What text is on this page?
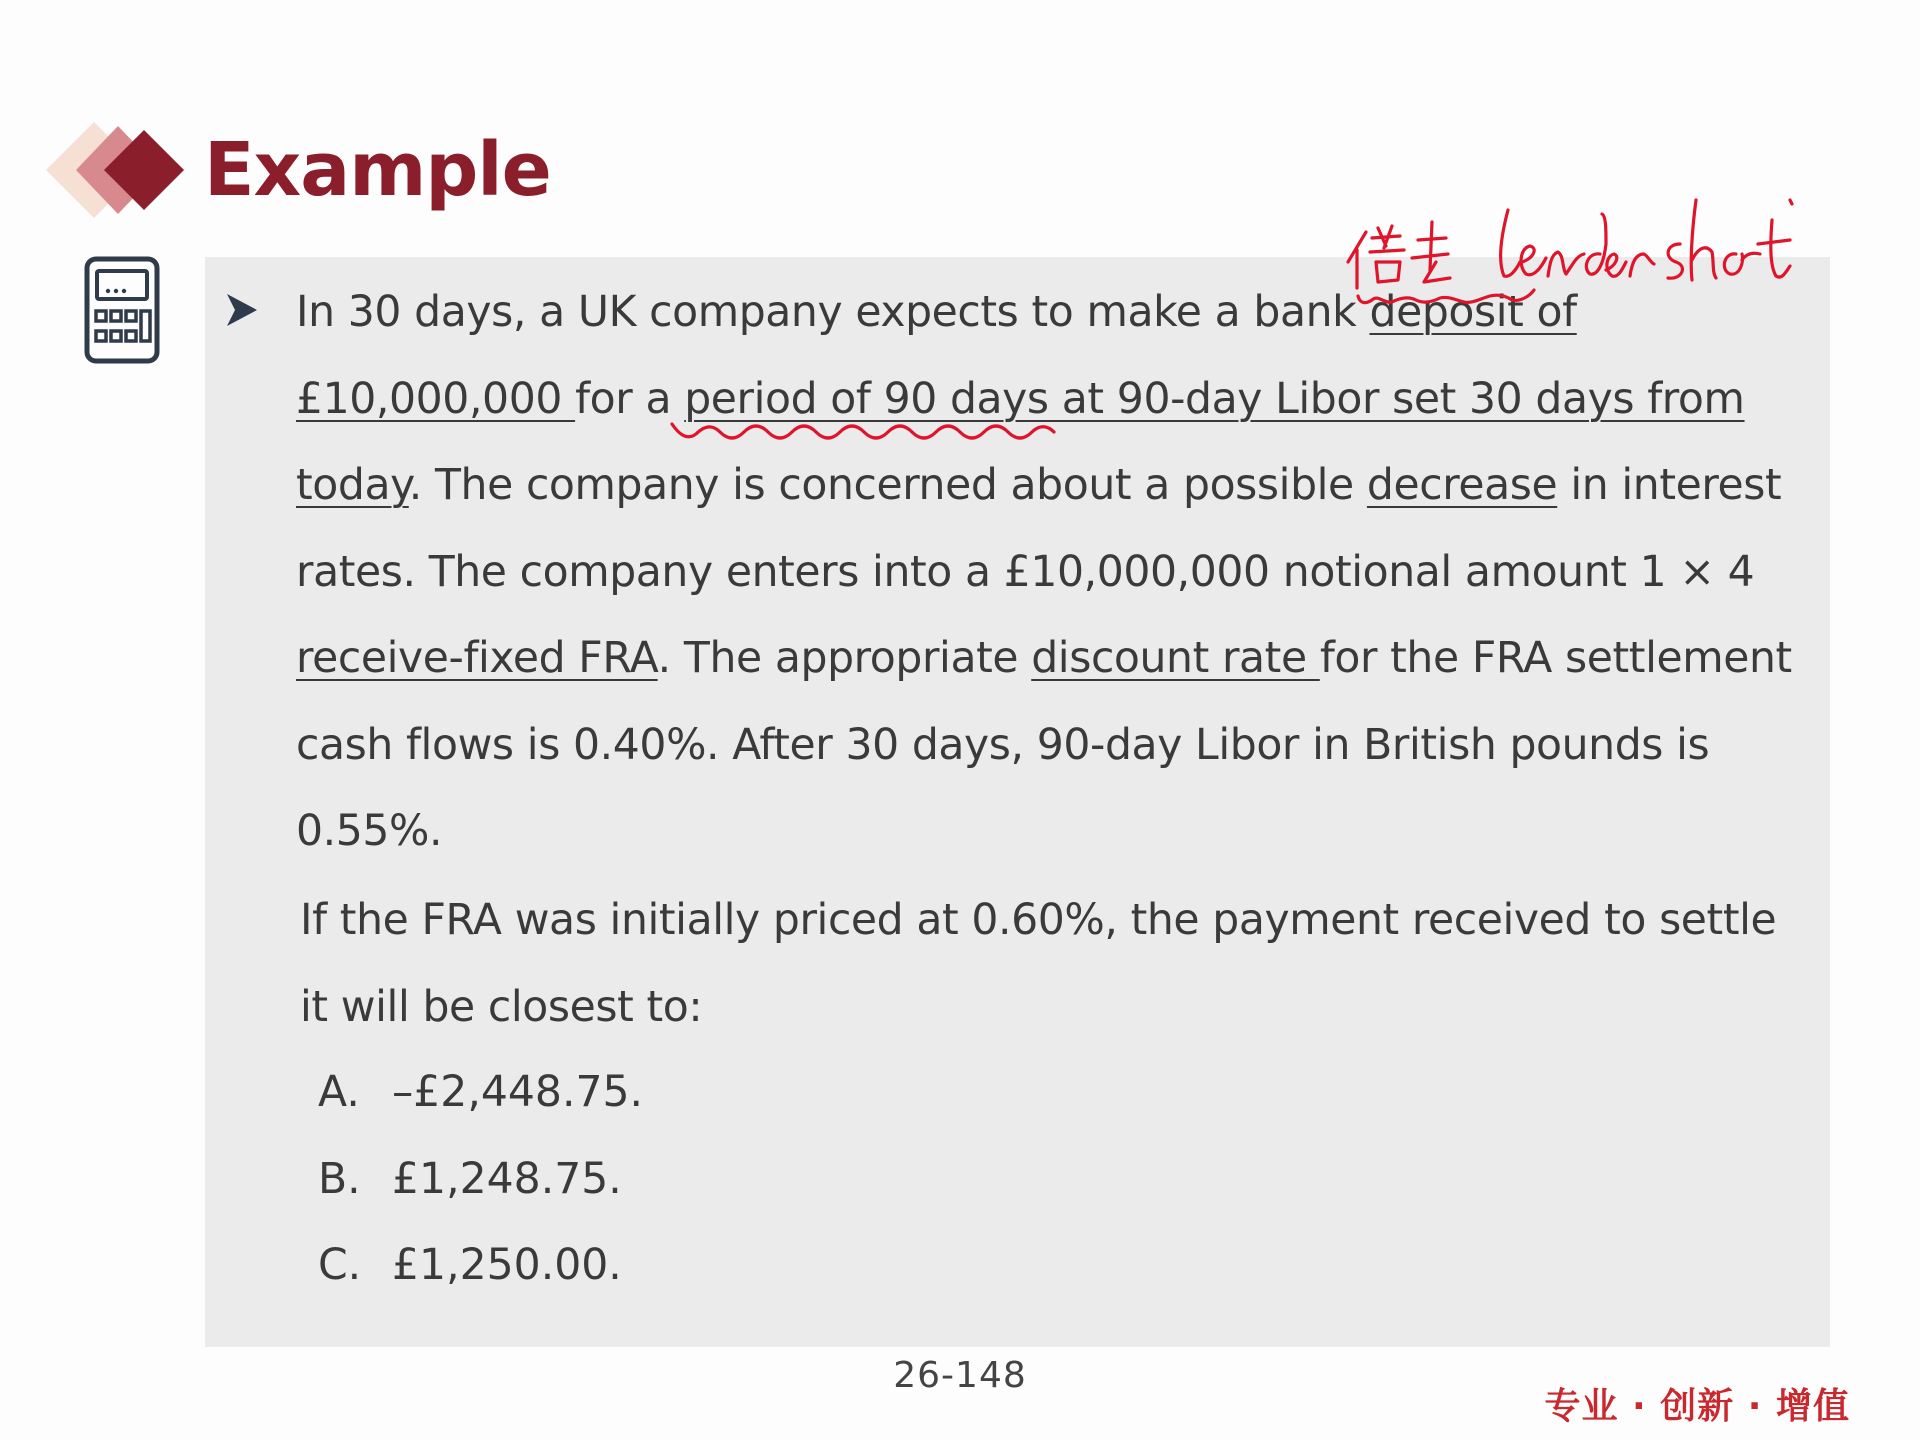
Example
In 30 days, a UK company expects to make a bank deposit of £10,000,000 for a period of 90 days at 90-day Libor set 30 days from today. The company is concerned about a possible decrease in interest rates. The company enters into a £10,000,000 notional amount 1 × 4 receive-fixed FRA. The appropriate discount rate for the FRA settlement cash flows is 0.40%. After 30 days, 90-day Libor in British pounds is 0.55%.
If the FRA was initially priced at 0.60%, the payment received to settle it will be closest to:
A. –£2,448.75.
B. £1,248.75.
C. £1,250.00.
26-148
专业 · 创新 · 增值
